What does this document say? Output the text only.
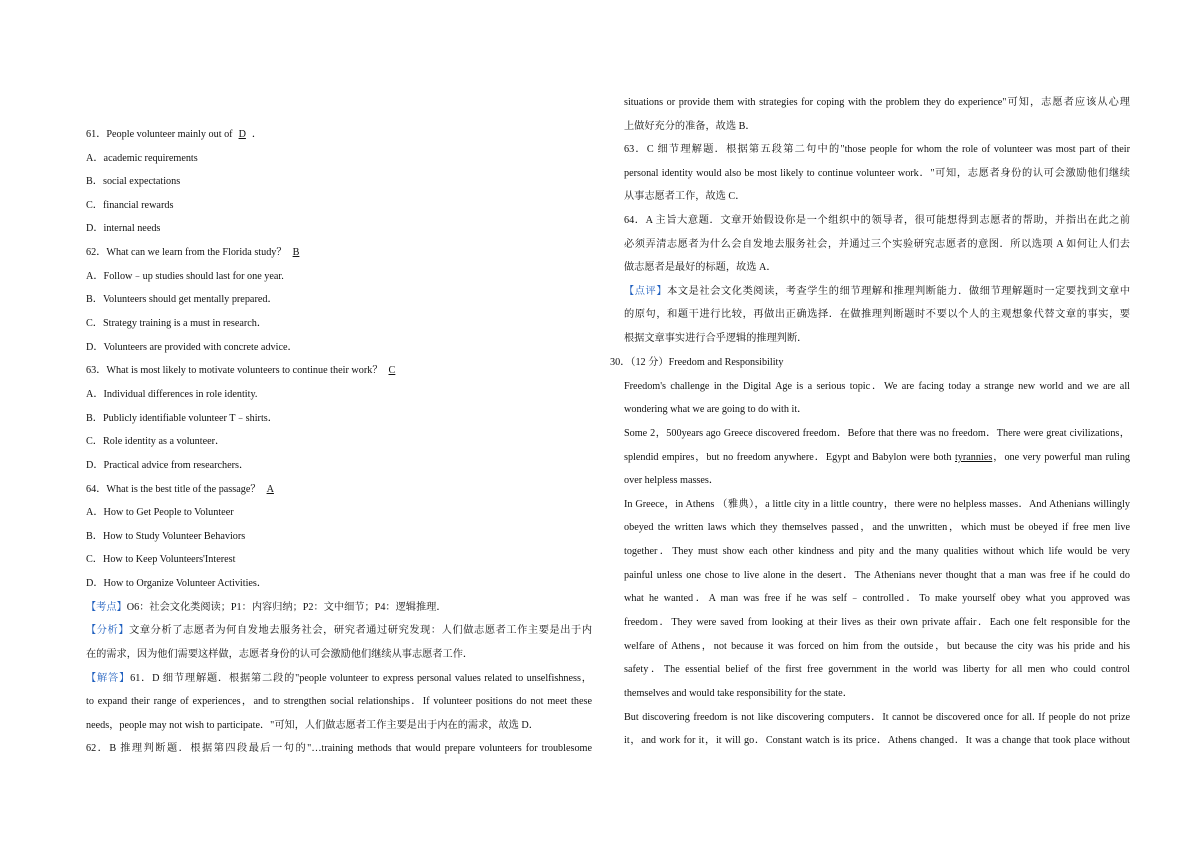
61．People volunteer mainly out of D ．
A．academic requirements
B．social expectations
C．financial rewards
D．internal needs
62．What can we learn from the Florida study？ B
A．Follow﹣up studies should last for one year.
B．Volunteers should get mentally prepared．
C．Strategy training is a must in research．
D．Volunteers are provided with concrete advice．
63．What is most likely to motivate volunteers to continue their work？ C
A．Individual differences in role identity.
B．Publicly identifiable volunteer T﹣shirts．
C．Role identity as a volunteer．
D．Practical advice from researchers．
64．What is the best title of the passage？ A
A．How to Get People to Volunteer
B．How to Study Volunteer Behaviors
C．How to Keep Volunteers'Interest
D．How to Organize Volunteer Activities．
【考点】O6：社会文化类阅读；P1：内容归纳；P2：文中细节；P4：逻辑推理．
【分析】文章分析了志愿者为何自发地去服务社会，研究者通过研究发现：人们做志愿者工作主要是出于内
在的需求，因为他们需要这样做，志愿者身份的认可会激励他们继续从事志愿者工作．
【解答】61．D 细节理解题．根据第二段的"people volunteer to express personal values related to unselfishness，
to expand their range of experiences，and to strengthen social relationships．If volunteer positions do not meet these
needs，people may not wish to participate．"可知，人们做志愿者工作主要是出于内在的需求，故选 D．
62．B 推理判断题．根据第四段最后一句的"…training methods that would prepare volunteers for troublesome
situations or provide them with strategies for coping with the problem they do experience"可知，志愿者应该从心理
上做好充分的准备，故选 B．
63．C 细节理解题．根据第五段第二句中的"those people for whom the role of volunteer was most part of their
personal identity would also be most likely to continue volunteer work．"可知，志愿者身份的认可会激励他们继续
从事志愿者工作，故选 C．
64．A 主旨大意题．文章开始假设你是一个组织中的领导者，很可能想得到志愿者的帮助，并指出在此之前
必须弄清志愿者为什么会自发地去服务社会，并通过三个实验研究志愿者的意图．所以选项 A 如何让人们去
做志愿者是最好的标题，故选 A．
【点评】本文是社会文化类阅读，考查学生的细节理解和推理判断能力．做细节理解题时一定要找到文章中
的原句，和题干进行比较，再做出正确选择．在做推理判断题时不要以个人的主观想象代替文章的事实，要
根据文章事实进行合乎逻辑的推理判断．
30．（12 分）Freedom and Responsibility
Freedom's challenge in the Digital Age is a serious topic．We are facing today a strange new world and we are all
wondering what we are going to do with it．
Some 2，500years ago Greece discovered freedom．Before that there was no freedom．There were great civilizations，
splendid empires，but no freedom anywhere．Egypt and Babylon were both tyrannies，one very powerful man ruling
over helpless masses．
In Greece，in Athens （雅典），a little city in a little country，there were no helpless masses．And Athenians willingly
obeyed the written laws which they themselves passed，and the unwritten，which must be obeyed if free men live
together．They must show each other kindness and pity and the many qualities without which life would be very
painful unless one chose to live alone in the desert．The Athenians never thought that a man was free if he could do
what he wanted．A man was free if he was self﹣controlled．To make yourself obey what you approved was
freedom．They were saved from looking at their lives as their own private affair．Each one felt responsible for the
welfare of Athens，not because it was forced on him from the outside，but because the city was his pride and his
safety．The essential belief of the first free government in the world was liberty for all men who could control
themselves and would take responsibility for the state．
But discovering freedom is not like discovering computers．It cannot be discovered once for all. If people do not prize
it，and work for it，it will go．Constant watch is its price．Athens changed．It was a change that took place without
